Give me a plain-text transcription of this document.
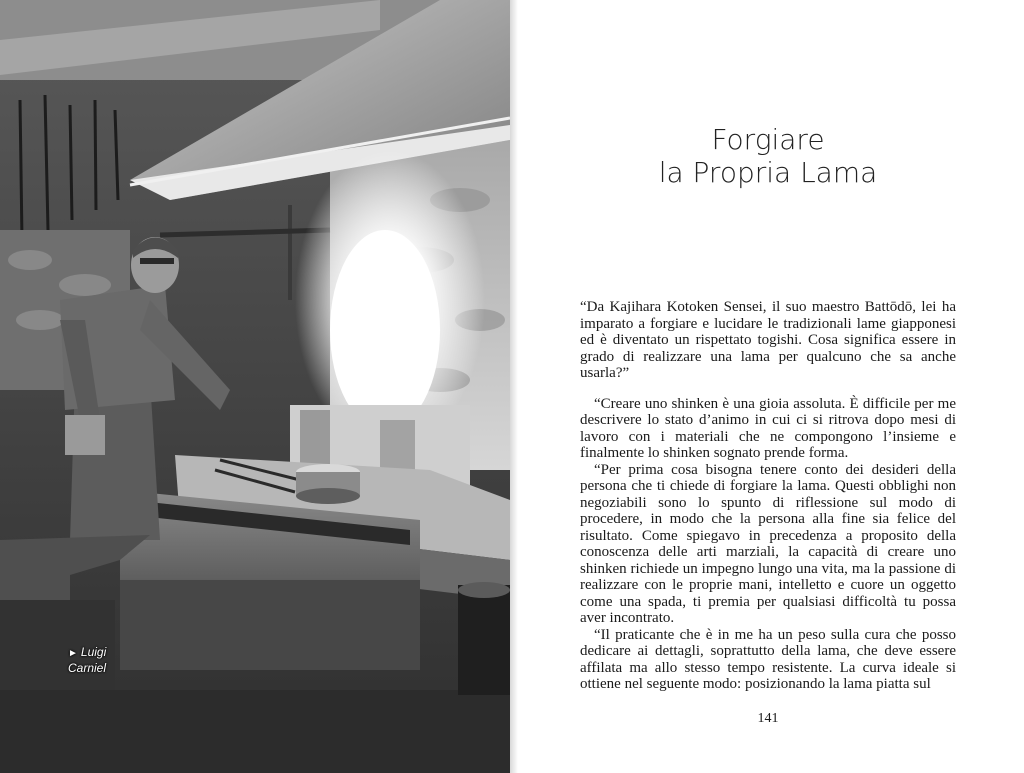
► Luigi
Carniel
Forgiare
la Propria Lama

“Da Kajihara Kotoken Sensei, il suo maestro Battōdō, lei ha imparato a forgiare e lucidare le tradizionali lame giapponesi ed è diventato un rispettato togishi. Cosa significa essere in grado di realizzare una lama per qualcuno che sa anche usarla?”

“Creare uno shinken è una gioia assoluta. È difficile per me descrivere lo stato d’animo in cui ci si ritrova dopo mesi di lavoro con i materiali che ne compongono l’insieme e finalmente lo shinken sognato prende forma.

“Per prima cosa bisogna tenere conto dei desideri della persona che ti chiede di forgiare la lama. Questi obblighi non negoziabili sono lo spunto di riflessione sul modo di procedere, in modo che la persona alla fine sia felice del risultato. Come spiegavo in precedenza a proposito della conoscenza delle arti marziali, la capacità di creare uno shinken richiede un impegno lungo una vita, ma la passione di realizzare con le proprie mani, intelletto e cuore un oggetto come una spada, ti premia per qualsiasi difficoltà tu possa aver incontrato.

“Il praticante che è in me ha un peso sulla cura che posso dedicare ai dettagli, soprattutto della lama, che deve essere affilata ma allo stesso tempo resistente. La curva ideale si ottiene nel seguente modo: posizionando la lama piatta sul

141
